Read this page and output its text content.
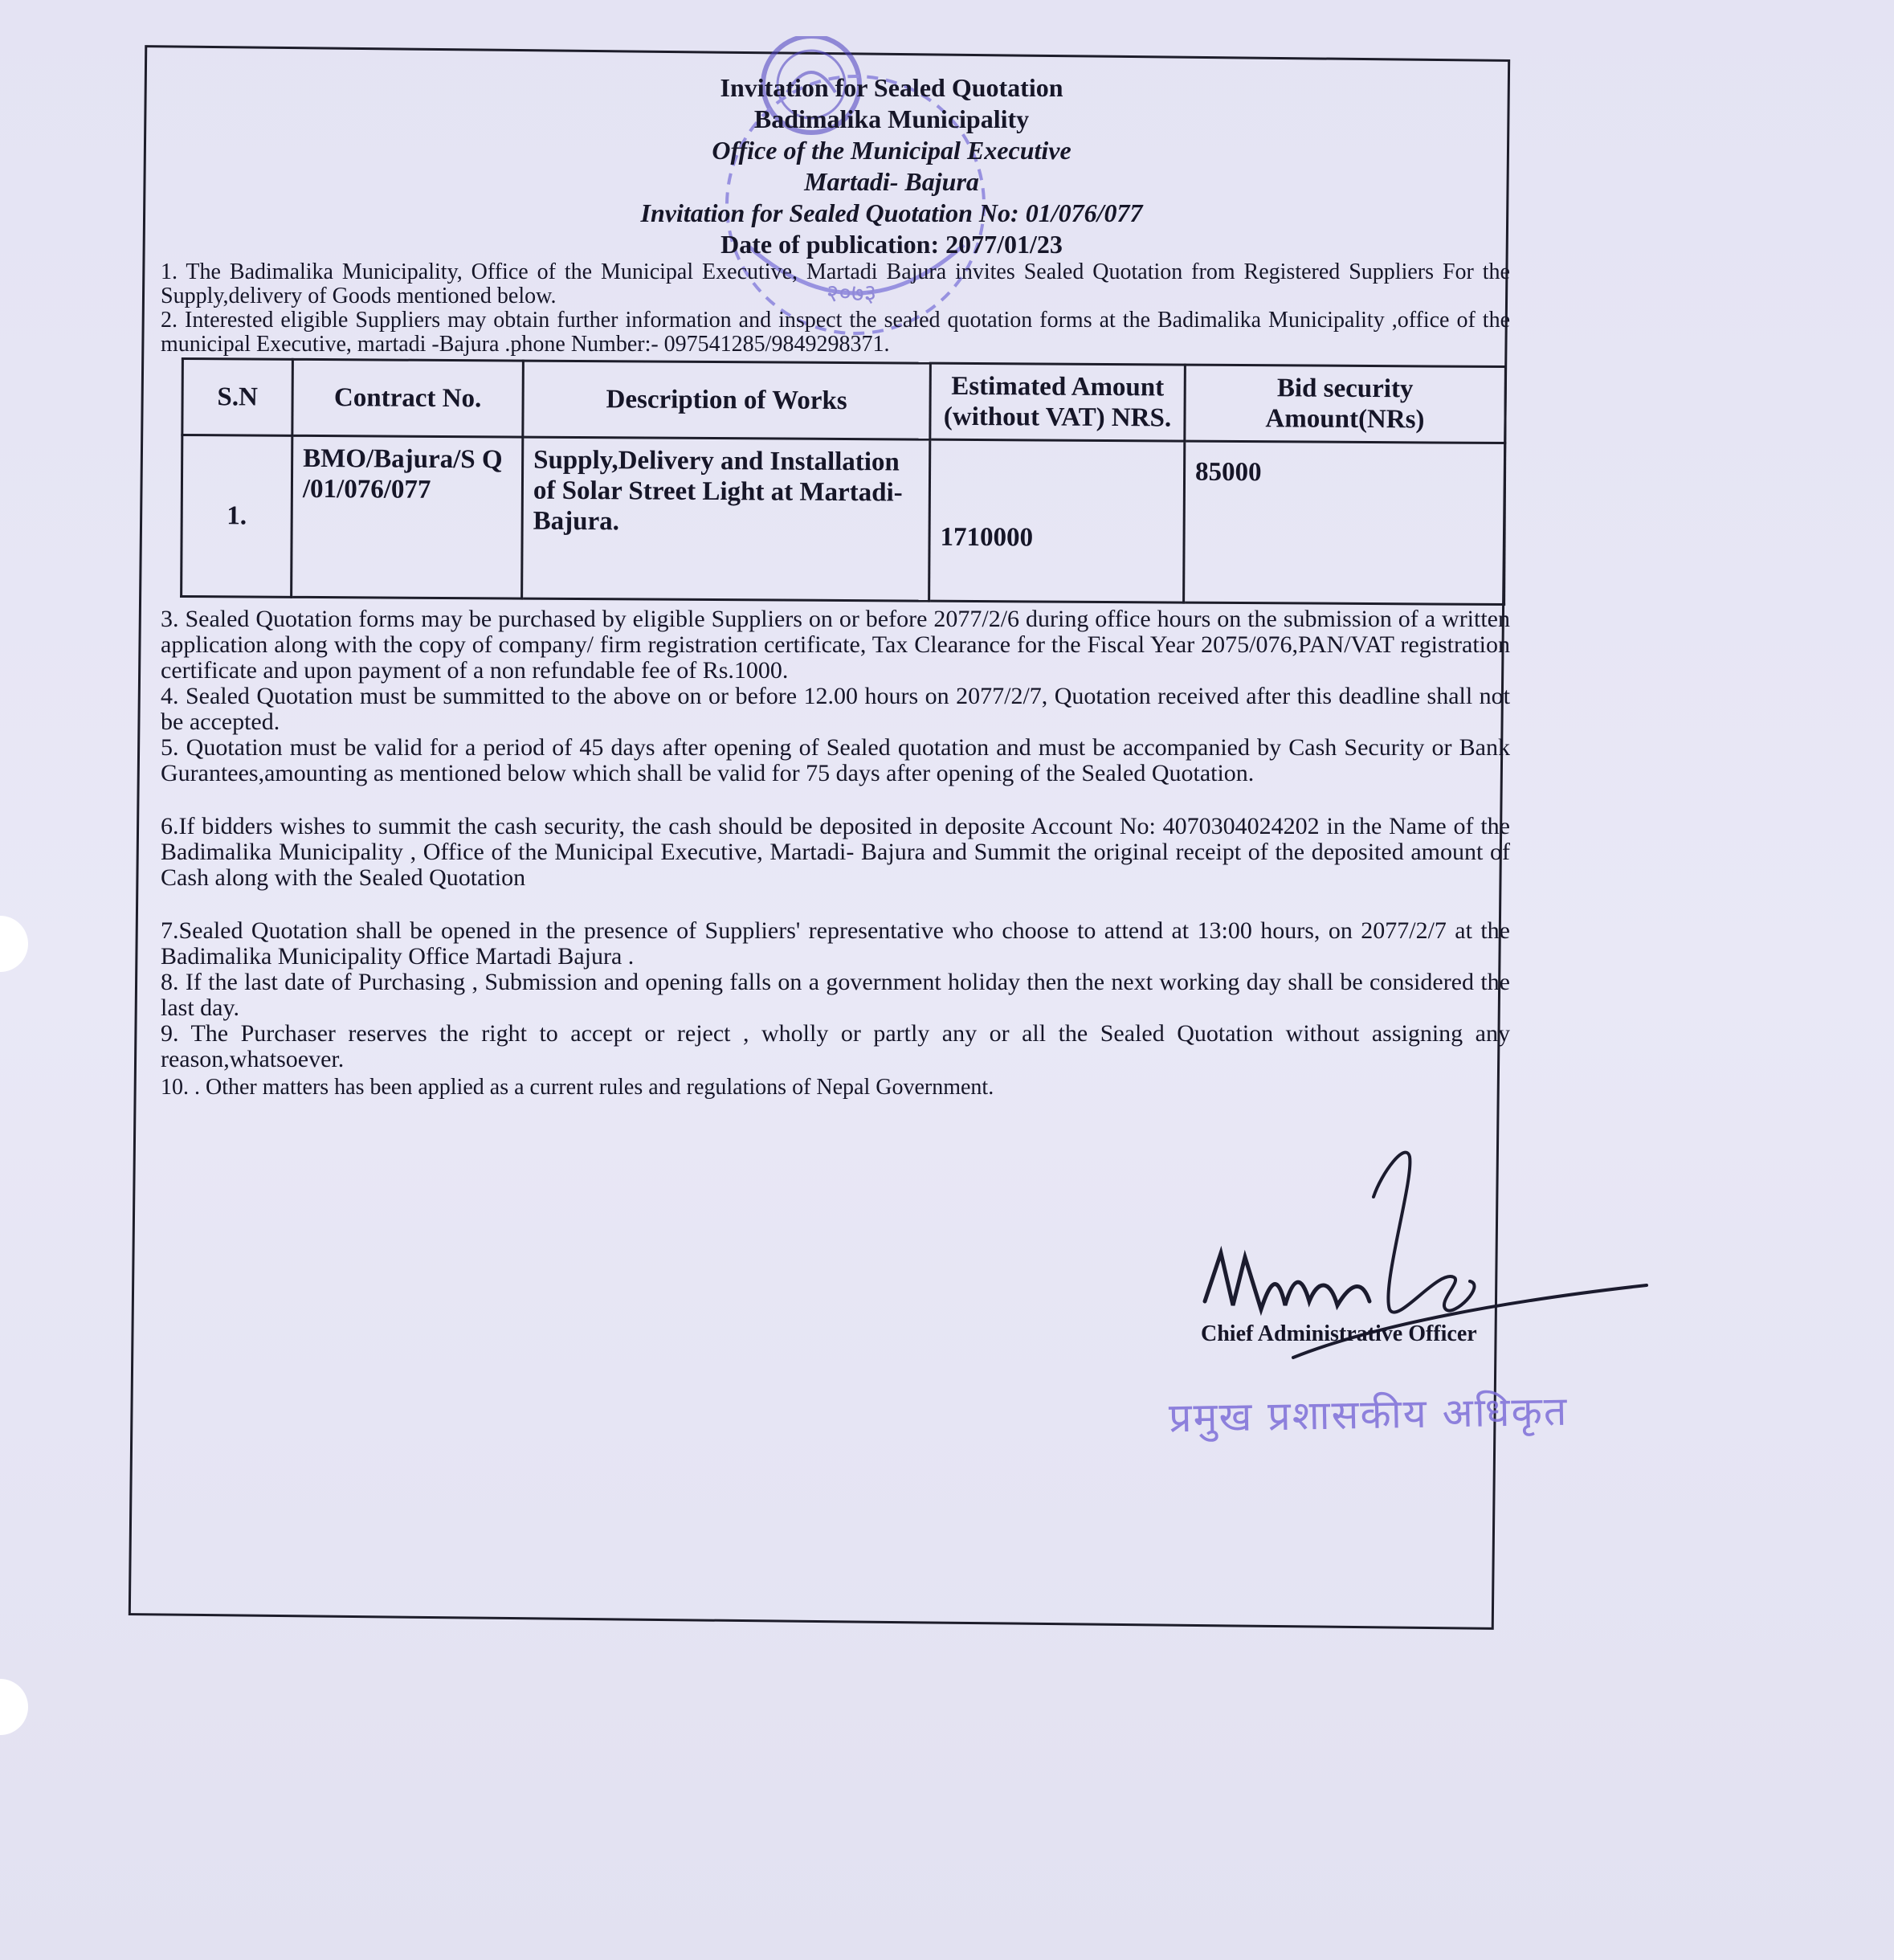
२०७३
Invitation for Sealed Quotation
Badimalika Municipality
Office of the Municipal Executive
Martadi- Bajura
Invitation for Sealed Quotation No: 01/076/077
Date of publication: 2077/01/23

1. The Badimalika Municipality, Office of the Municipal Executive, Martadi Bajura invites Sealed Quotation from Registered Suppliers For the Supply,delivery of Goods mentioned below.

2. Interested eligible Suppliers may obtain further information and inspect the sealed quotation forms at the Badimalika Municipality ,office of the municipal Executive, martadi -Bajura .phone Number:- 097541285/9849298371.

S.N	Contract No.	Description of Works	Estimated Amount (without VAT) NRS.	Bid security Amount(NRs)
1.	BMO/Bajura/S Q /01/076/077	Supply,Delivery and Installation of Solar Street Light at Martadi-Bajura.	1710000	85000

3. Sealed Quotation forms may be purchased by eligible Suppliers on or before 2077/2/6 during office hours on the submission of a written application along with the copy of company/ firm registration certificate, Tax Clearance for the Fiscal Year 2075/076,PAN/VAT registration certificate and upon payment of a non refundable fee of Rs.1000.

4. Sealed Quotation must be summitted to the above on or before 12.00 hours on 2077/2/7, Quotation received after this deadline shall not be accepted.

5. Quotation must be valid for a period of 45 days after opening of Sealed quotation and must be accompanied by Cash Security or Bank Gurantees,amounting as mentioned below which shall be valid for 75 days after opening of the Sealed Quotation.

6.If bidders wishes to summit the cash security, the cash should be deposited in deposite Account No: 4070304024202 in the Name of the Badimalika Municipality , Office of the Municipal Executive, Martadi- Bajura and Summit the original receipt of the deposited amount of Cash along with the Sealed Quotation

7.Sealed Quotation shall be opened in the presence of Suppliers' representative who choose to attend at 13:00 hours, on 2077/2/7 at the Badimalika Municipality Office Martadi Bajura .

8. If the last date of Purchasing , Submission and opening falls on a government holiday then the next working day shall be considered the last day.

9. The Purchaser reserves the right to accept or reject , wholly or partly any or all the Sealed Quotation without assigning any reason,whatsoever.

10. . Other matters has been applied as a current rules and regulations of Nepal Government.

Chief Administrative Officer
प्रमुख प्रशासकीय अधिकृत
